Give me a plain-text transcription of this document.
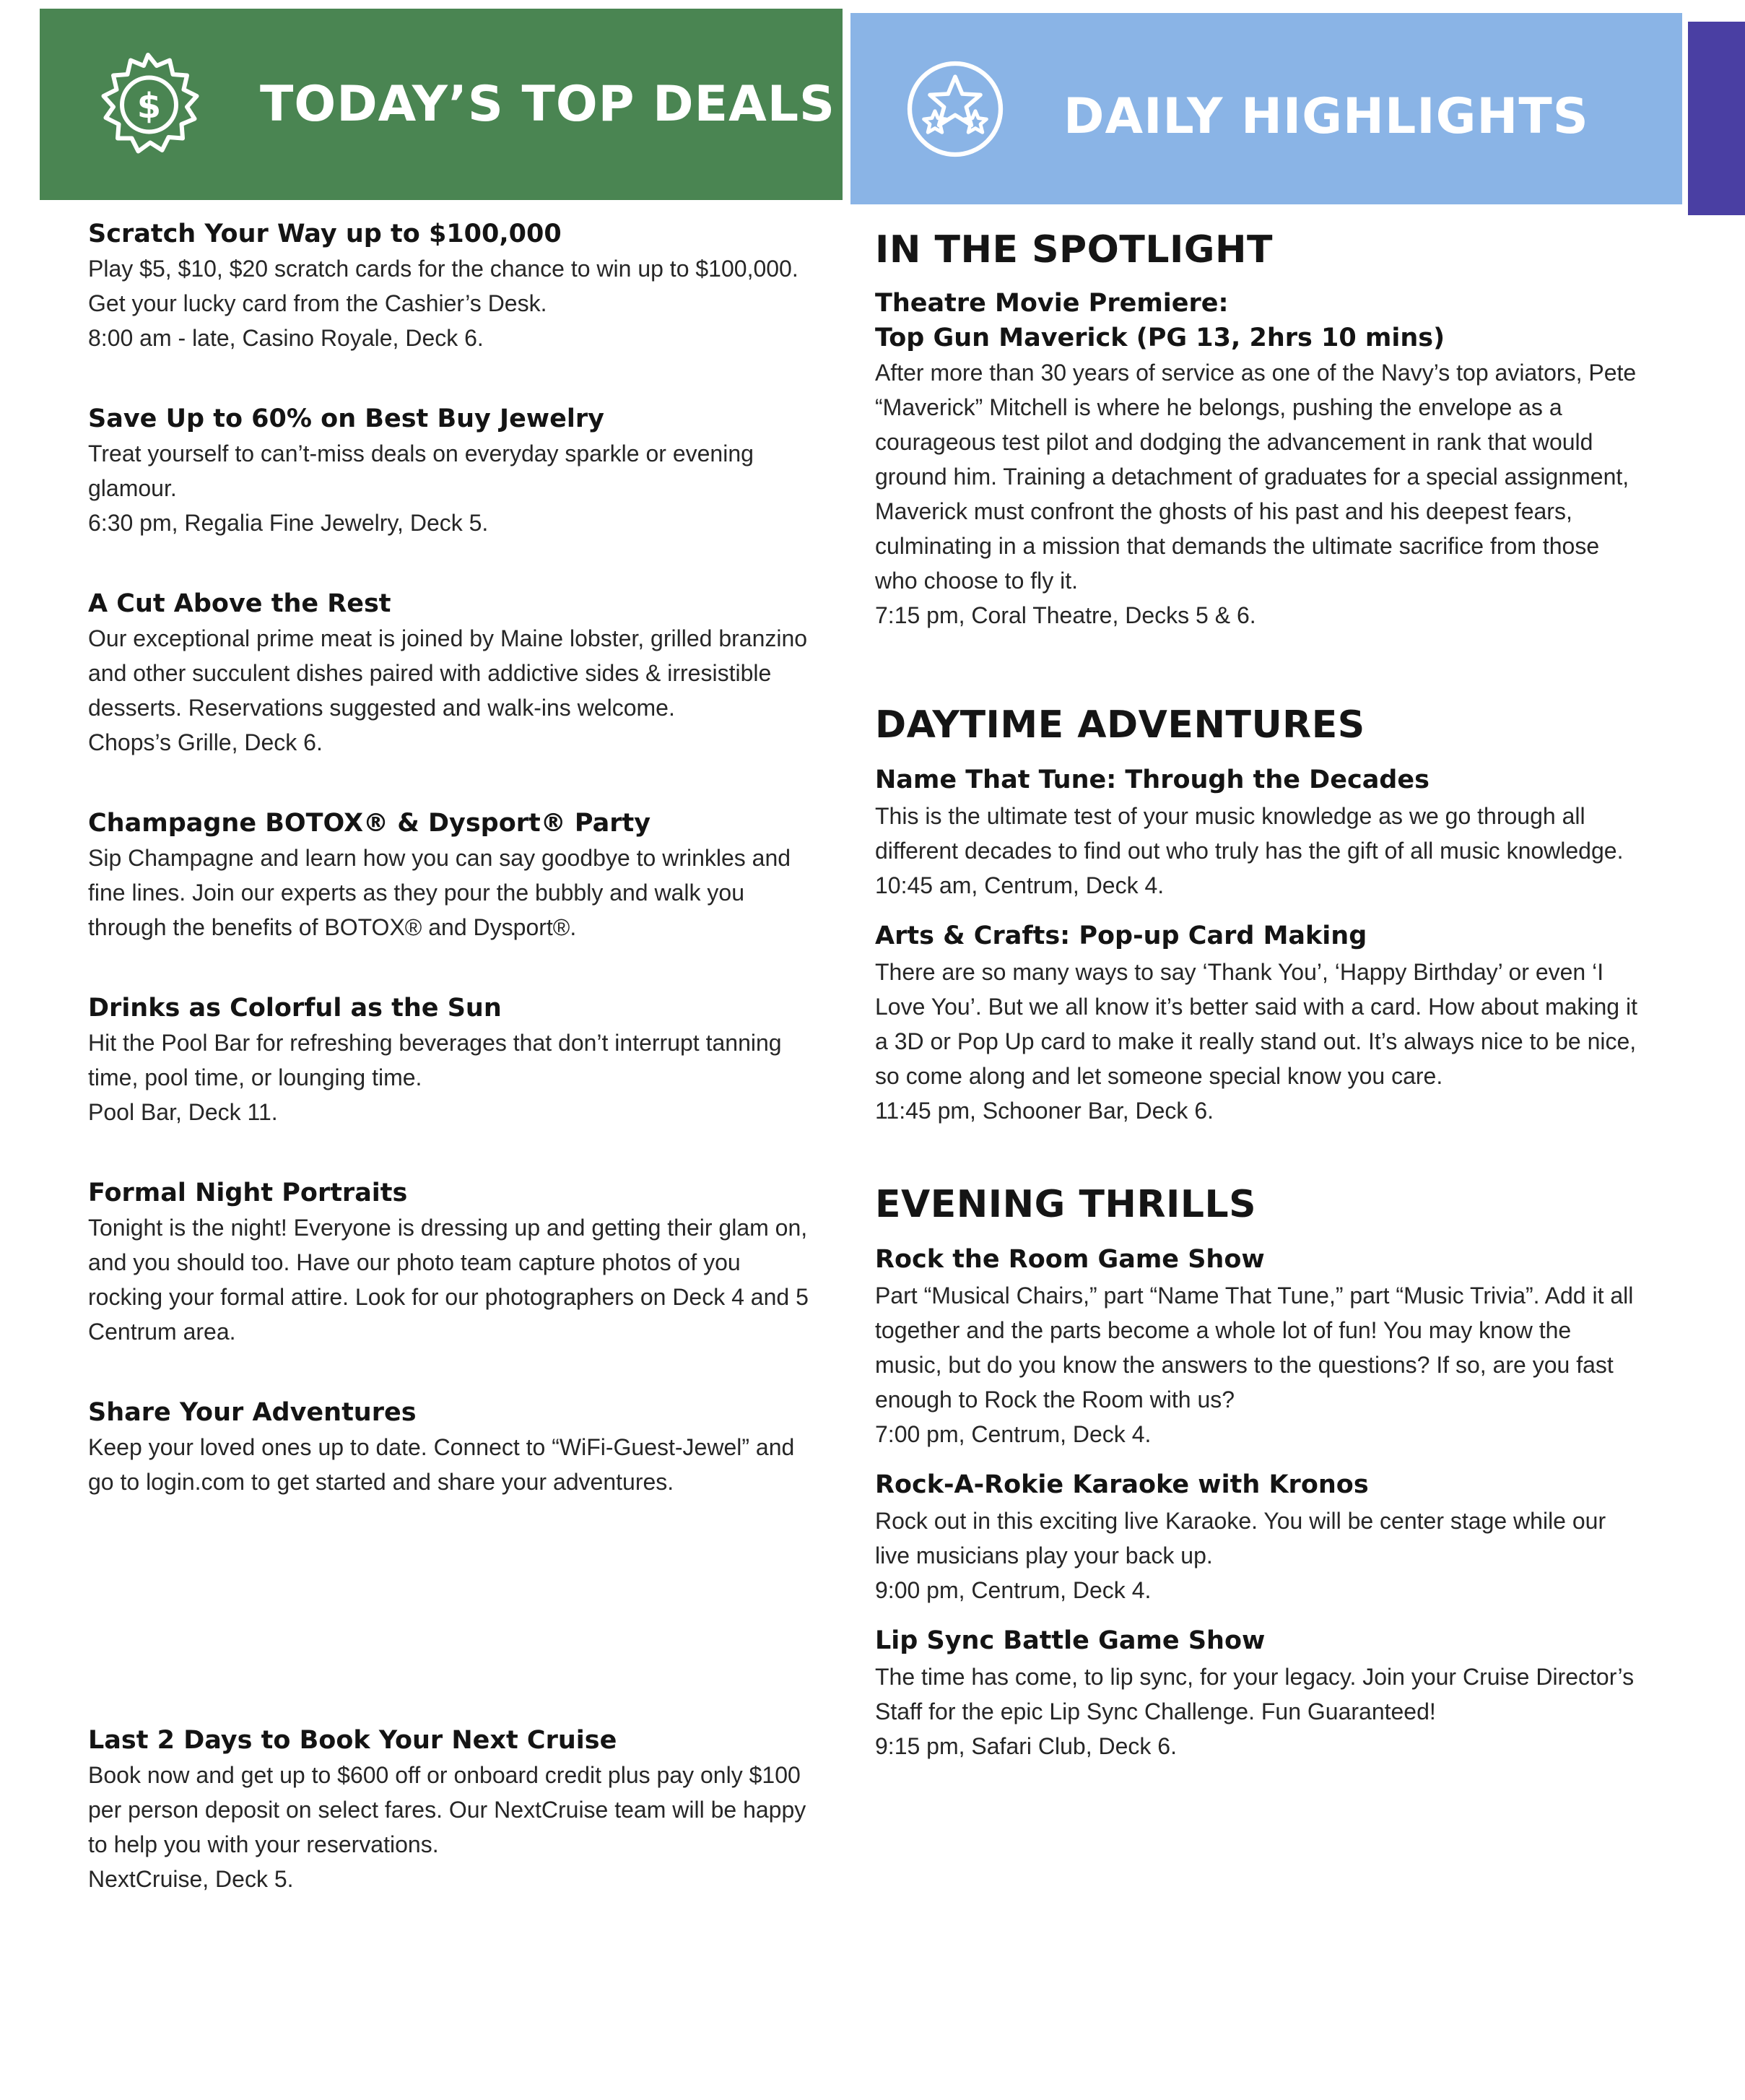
$ TODAY’S TOP DEALS	DAILY HIGHLIGHTS

Scratch Your Way up to $100,000

Play $5, $10, $20 scratch cards for the chance to win up to $100,000. Get your lucky card from the Cashier’s Desk.

8:00 am - late, Casino Royale, Deck 6.

Save Up to 60% on Best Buy Jewelry

Treat yourself to can’t-miss deals on everyday sparkle or evening glamour.

6:30 pm, Regalia Fine Jewelry, Deck 5.

A Cut Above the Rest

Our exceptional prime meat is joined by Maine lobster, grilled branzino and other succulent dishes paired with addictive sides & irresistible desserts. Reservations suggested and walk-ins welcome.

Chops’s Grille, Deck 6.

Champagne BOTOX® & Dysport® Party

Sip Champagne and learn how you can say goodbye to wrinkles and fine lines. Join our experts as they pour the bubbly and walk you through the benefits of BOTOX® and Dysport®.

Drinks as Colorful as the Sun

Hit the Pool Bar for refreshing beverages that don’t interrupt tanning time, pool time, or lounging time.

Pool Bar, Deck 11.

Formal Night Portraits

Tonight is the night! Everyone is dressing up and getting their glam on, and you should too. Have our photo team capture photos of you rocking your formal attire. Look for our photographers on Deck 4 and 5 Centrum area.

Share Your Adventures

Keep your loved ones up to date. Connect to “WiFi-Guest-Jewel” and go to login.com to get started and share your adventures.

Last 2 Days to Book Your Next Cruise

Book now and get up to $600 off or onboard credit plus pay only $100 per person deposit on select fares. Our NextCruise team will be happy to help you with your reservations.

NextCruise, Deck 5.

IN THE SPOTLIGHT

Theatre Movie Premiere:

Top Gun Maverick (PG 13, 2hrs 10 mins)

After more than 30 years of service as one of the Navy’s top aviators, Pete “Maverick” Mitchell is where he belongs, pushing the envelope as a courageous test pilot and dodging the advancement in rank that would ground him. Training a detachment of graduates for a special assignment, Maverick must confront the ghosts of his past and his deepest fears, culminating in a mission that demands the ultimate sacrifice from those who choose to fly it.

7:15 pm, Coral Theatre, Decks 5 & 6.

DAYTIME ADVENTURES

Name That Tune: Through the Decades

This is the ultimate test of your music knowledge as we go through all different decades to find out who truly has the gift of all music knowledge.

10:45 am, Centrum, Deck 4.

Arts & Crafts: Pop-up Card Making

There are so many ways to say ‘Thank You’, ‘Happy Birthday’ or even ‘I Love You’. But we all know it’s better said with a card. How about making it a 3D or Pop Up card to make it really stand out. It’s always nice to be nice, so come along and let someone special know you care.

11:45 pm, Schooner Bar, Deck 6.

EVENING THRILLS

Rock the Room Game Show

Part “Musical Chairs,” part “Name That Tune,” part “Music Trivia”. Add it all together and the parts become a whole lot of fun! You may know the music, but do you know the answers to the questions? If so, are you fast enough to Rock the Room with us?

7:00 pm, Centrum, Deck 4.

Rock-A-Rokie Karaoke with Kronos

Rock out in this exciting live Karaoke. You will be center stage while our live musicians play your back up.

9:00 pm, Centrum, Deck 4.

Lip Sync Battle Game Show

The time has come, to lip sync, for your legacy. Join your Cruise Director’s Staff for the epic Lip Sync Challenge. Fun Guaranteed!

9:15 pm, Safari Club, Deck 6.
